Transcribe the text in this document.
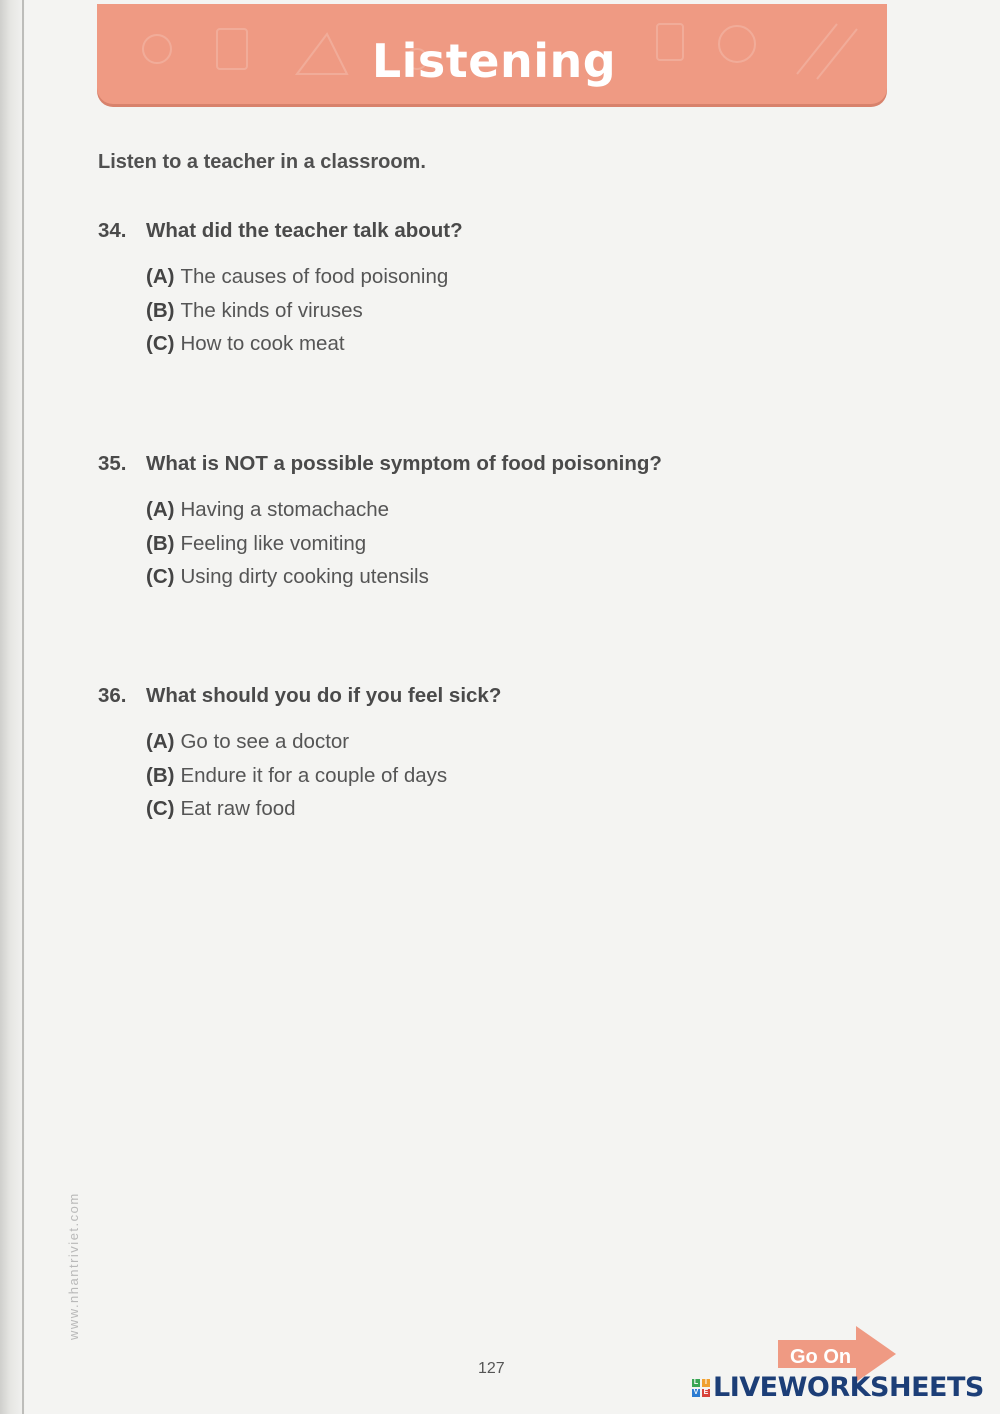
Listening
Listen to a teacher in a classroom.
34. What did the teacher talk about?
(A) The causes of food poisoning
(B) The kinds of viruses
(C) How to cook meat
35. What is NOT a possible symptom of food poisoning?
(A) Having a stomachache
(B) Feeling like vomiting
(C) Using dirty cooking utensils
36. What should you do if you feel sick?
(A) Go to see a doctor
(B) Endure it for a couple of days
(C) Eat raw food
www.nhantriviet.com
127
Go On
L I
V E LIVEWORKSHEETS
